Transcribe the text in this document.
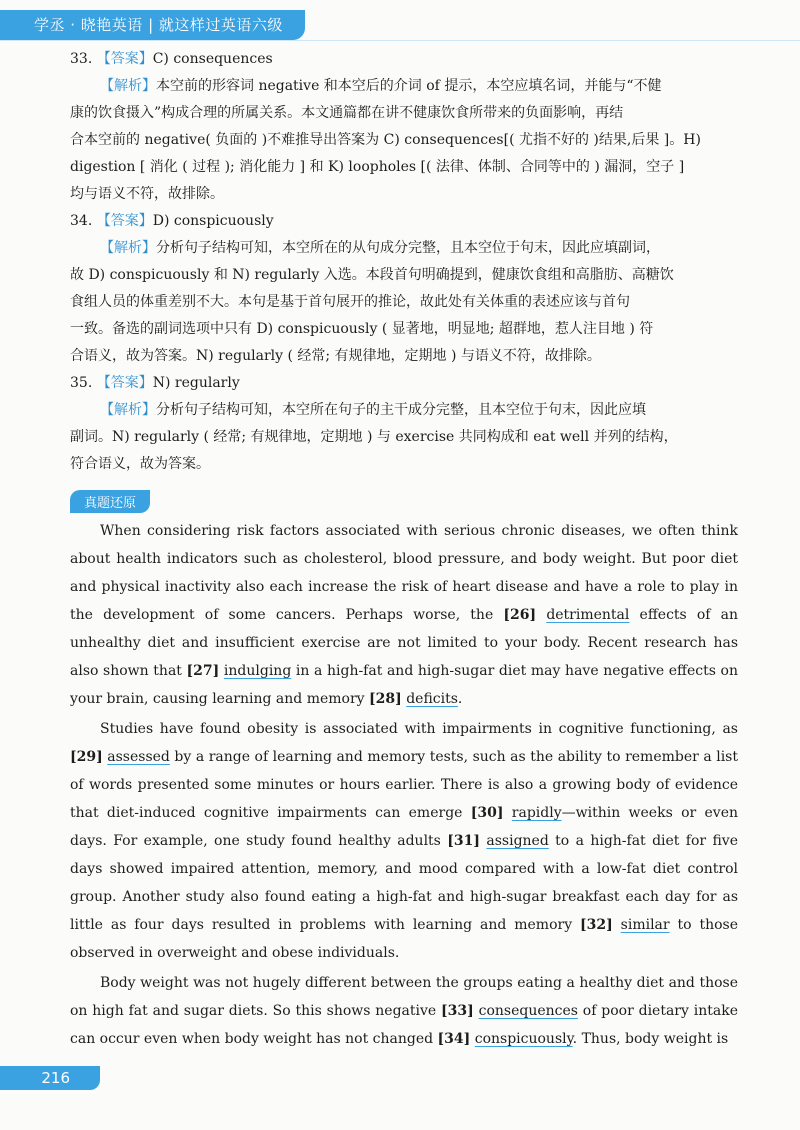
学丞 · 晓艳英语 | 就这样过英语六级

33. 【答案】C) consequences

【解析】本空前的形容词 negative 和本空后的介词 of 提示，本空应填名词，并能与“不健

康的饮食摄入”构成合理的所属关系。本文通篇都在讲不健康饮食所带来的负面影响，再结

合本空前的 negative( 负面的 )不难推导出答案为 C) consequences[( 尤指不好的 )结果,后果 ]。H)

digestion [ 消化 ( 过程 ); 消化能力 ] 和 K) loopholes [( 法律、体制、合同等中的 ) 漏洞，空子 ]

均与语义不符，故排除。

34. 【答案】D) conspicuously

【解析】分析句子结构可知，本空所在的从句成分完整，且本空位于句末，因此应填副词，

故 D) conspicuously 和 N) regularly 入选。本段首句明确提到，健康饮食组和高脂肪、高糖饮

食组人员的体重差别不大。本句是基于首句展开的推论，故此处有关体重的表述应该与首句

一致。备选的副词选项中只有 D) conspicuously ( 显著地，明显地; 超群地，惹人注目地 ) 符

合语义，故为答案。N) regularly ( 经常; 有规律地，定期地 ) 与语义不符，故排除。

35. 【答案】N) regularly

【解析】分析句子结构可知，本空所在句子的主干成分完整，且本空位于句末，因此应填

副词。N) regularly ( 经常; 有规律地，定期地 ) 与 exercise 共同构成和 eat well 并列的结构，

符合语义，故为答案。

真题还原

When considering risk factors associated with serious chronic diseases, we often think about health indicators such as cholesterol, blood pressure, and body weight. But poor diet and physical inactivity also each increase the risk of heart disease and have a role to play in the development of some cancers. Perhaps worse, the [26] detrimental effects of an unhealthy diet and insufficient exercise are not limited to your body. Recent research has also shown that [27] indulging in a high-fat and high-sugar diet may have negative effects on your brain, causing learning and memory [28] deficits.

Studies have found obesity is associated with impairments in cognitive functioning, as [29] assessed by a range of learning and memory tests, such as the ability to remember a list of words presented some minutes or hours earlier. There is also a growing body of evidence that diet-induced cognitive impairments can emerge [30] rapidly—within weeks or even days. For example, one study found healthy adults [31] assigned to a high-fat diet for five days showed impaired attention, memory, and mood compared with a low-fat diet control group. Another study also found eating a high-fat and high-sugar breakfast each day for as little as four days resulted in problems with learning and memory [32] similar to those observed in overweight and obese individuals.

Body weight was not hugely different between the groups eating a healthy diet and those on high fat and sugar diets. So this shows negative [33] consequences of poor dietary intake can occur even when body weight has not changed [34] conspicuously. Thus, body weight is

216
